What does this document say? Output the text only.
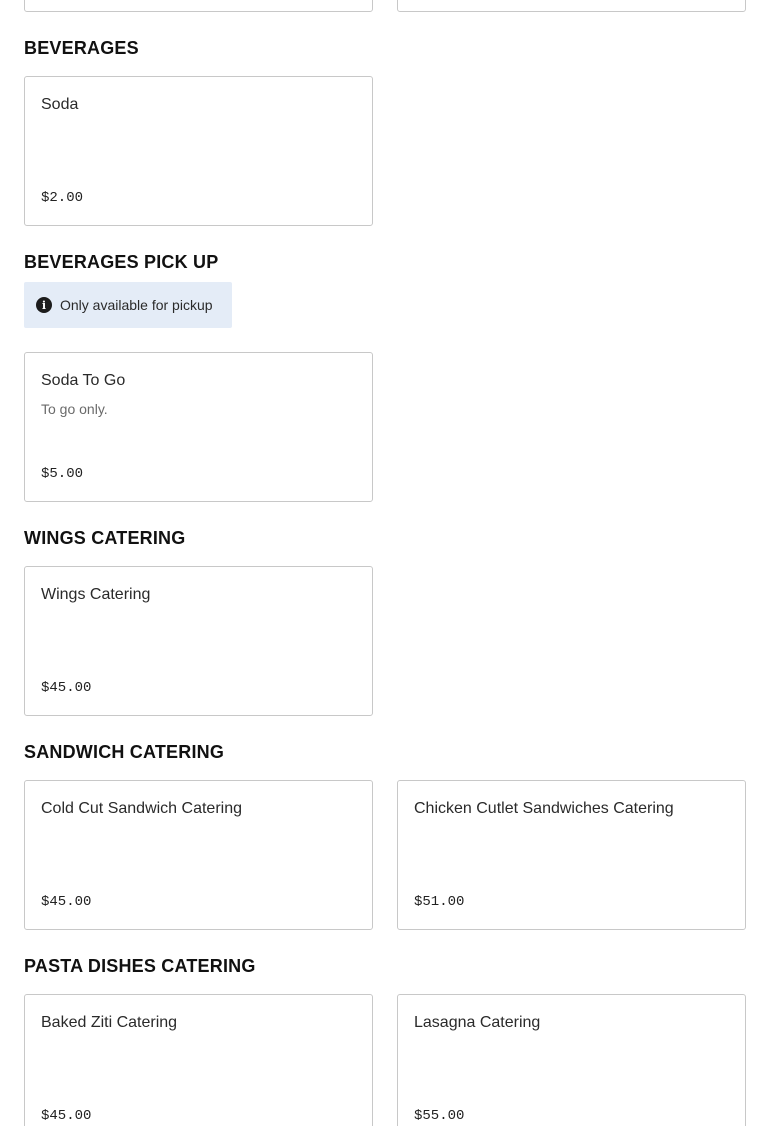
BEVERAGES
Soda
$2.00
BEVERAGES PICK UP
i Only available for pickup
Soda To Go
To go only.
$5.00
WINGS CATERING
Wings Catering
$45.00
SANDWICH CATERING
Cold Cut Sandwich Catering
$45.00
Chicken Cutlet Sandwiches Catering
$51.00
PASTA DISHES CATERING
Baked Ziti Catering
$45.00
Lasagna Catering
$55.00
